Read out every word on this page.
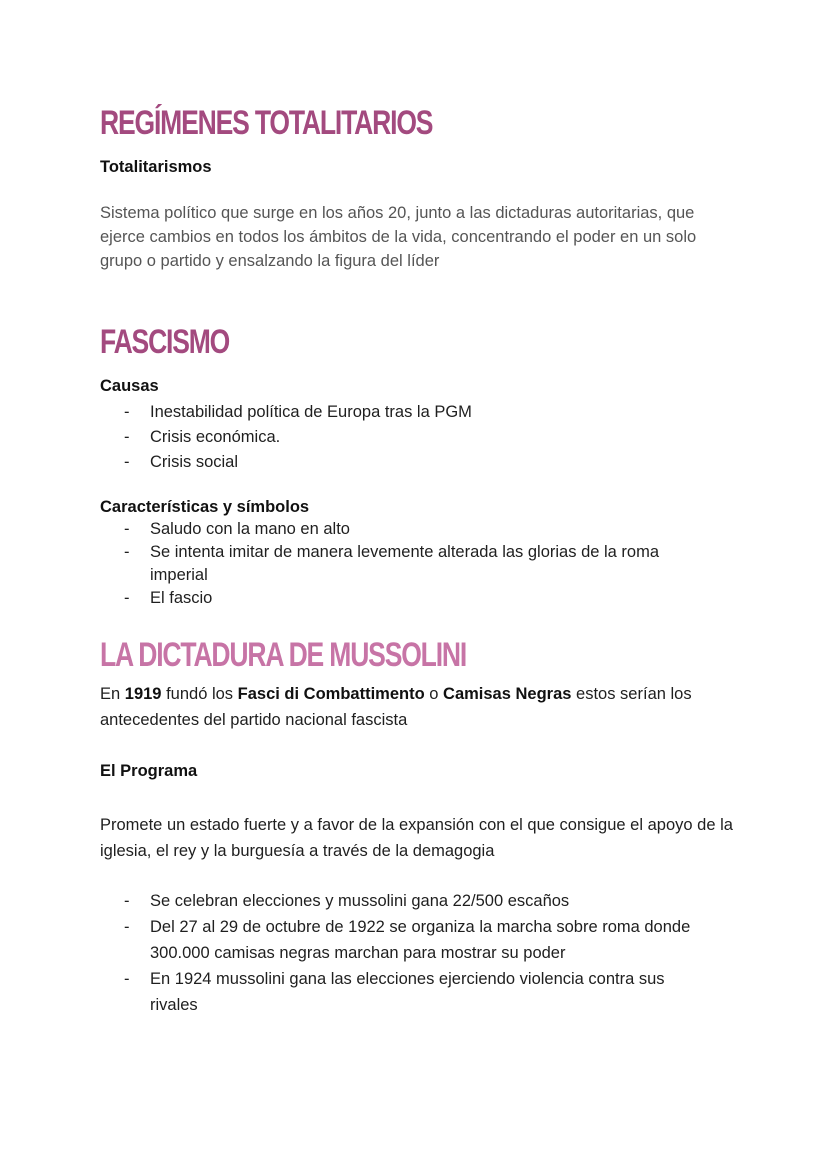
REGÍMENES TOTALITARIOS
Totalitarismos

Sistema político que surge en los años 20, junto a las dictaduras autoritarias, que ejerce cambios en todos los ámbitos de la vida, concentrando el poder en un solo grupo o partido y ensalzando la figura del líder

FASCISMO
Causas
- Inestabilidad política de Europa tras la PGM
- Crisis económica.
- Crisis social
Características y símbolos
- Saludo con la mano en alto
- Se intenta imitar de manera levemente alterada las glorias de la roma imperial
- El fascio
LA DICTADURA DE MUSSOLINI

En 1919 fundó los Fasci di Combattimento o Camisas Negras estos serían los antecedentes del partido nacional fascista

El Programa

Promete un estado fuerte y a favor de la expansión con el que consigue el apoyo de la iglesia, el rey y la burguesía a través de la demagogia

- Se celebran elecciones y mussolini gana 22/500 escaños
- Del 27 al 29 de octubre de 1922 se organiza la marcha sobre roma donde 300.000 camisas negras marchan para mostrar su poder
- En 1924 mussolini gana las elecciones ejerciendo violencia contra sus rivales
